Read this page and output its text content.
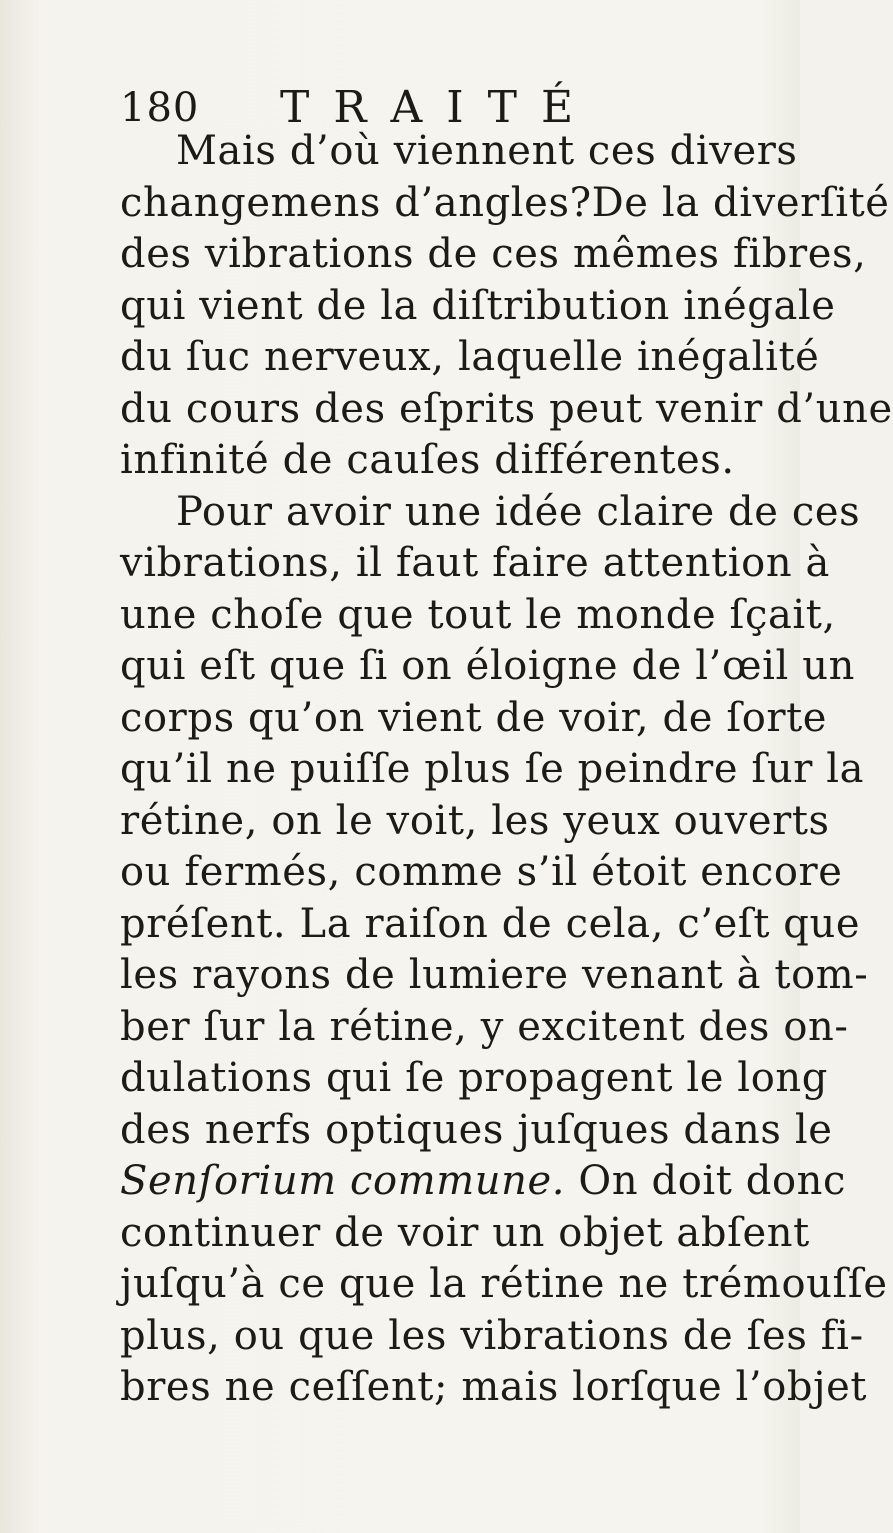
180 TRAITÉ
Mais d’où viennent ces divers
changemens d’angles?De la diverſité
des vibrations de ces mêmes fibres,
qui vient de la diſtribution inégale
du ſuc nerveux, laquelle inégalité
du cours des eſprits peut venir d’une
infinité de cauſes différentes.
Pour avoir une idée claire de ces
vibrations, il faut faire attention à
une choſe que tout le monde ſçait,
qui eſt que ſi on éloigne de l’œil un
corps qu’on vient de voir, de ſorte
qu’il ne puiſſe plus ſe peindre ſur la
rétine, on le voit, les yeux ouverts
ou fermés, comme s’il étoit encore
préſent. La raiſon de cela, c’eſt que
les rayons de lumiere venant à tom-
ber ſur la rétine, y excitent des on-
dulations qui ſe propagent le long
des nerfs optiques juſques dans le
Senſorium commune. On doit donc
continuer de voir un objet abſent
juſqu’à ce que la rétine ne trémouſſe
plus, ou que les vibrations de ſes fi-
bres ne ceſſent; mais lorſque l’objet
